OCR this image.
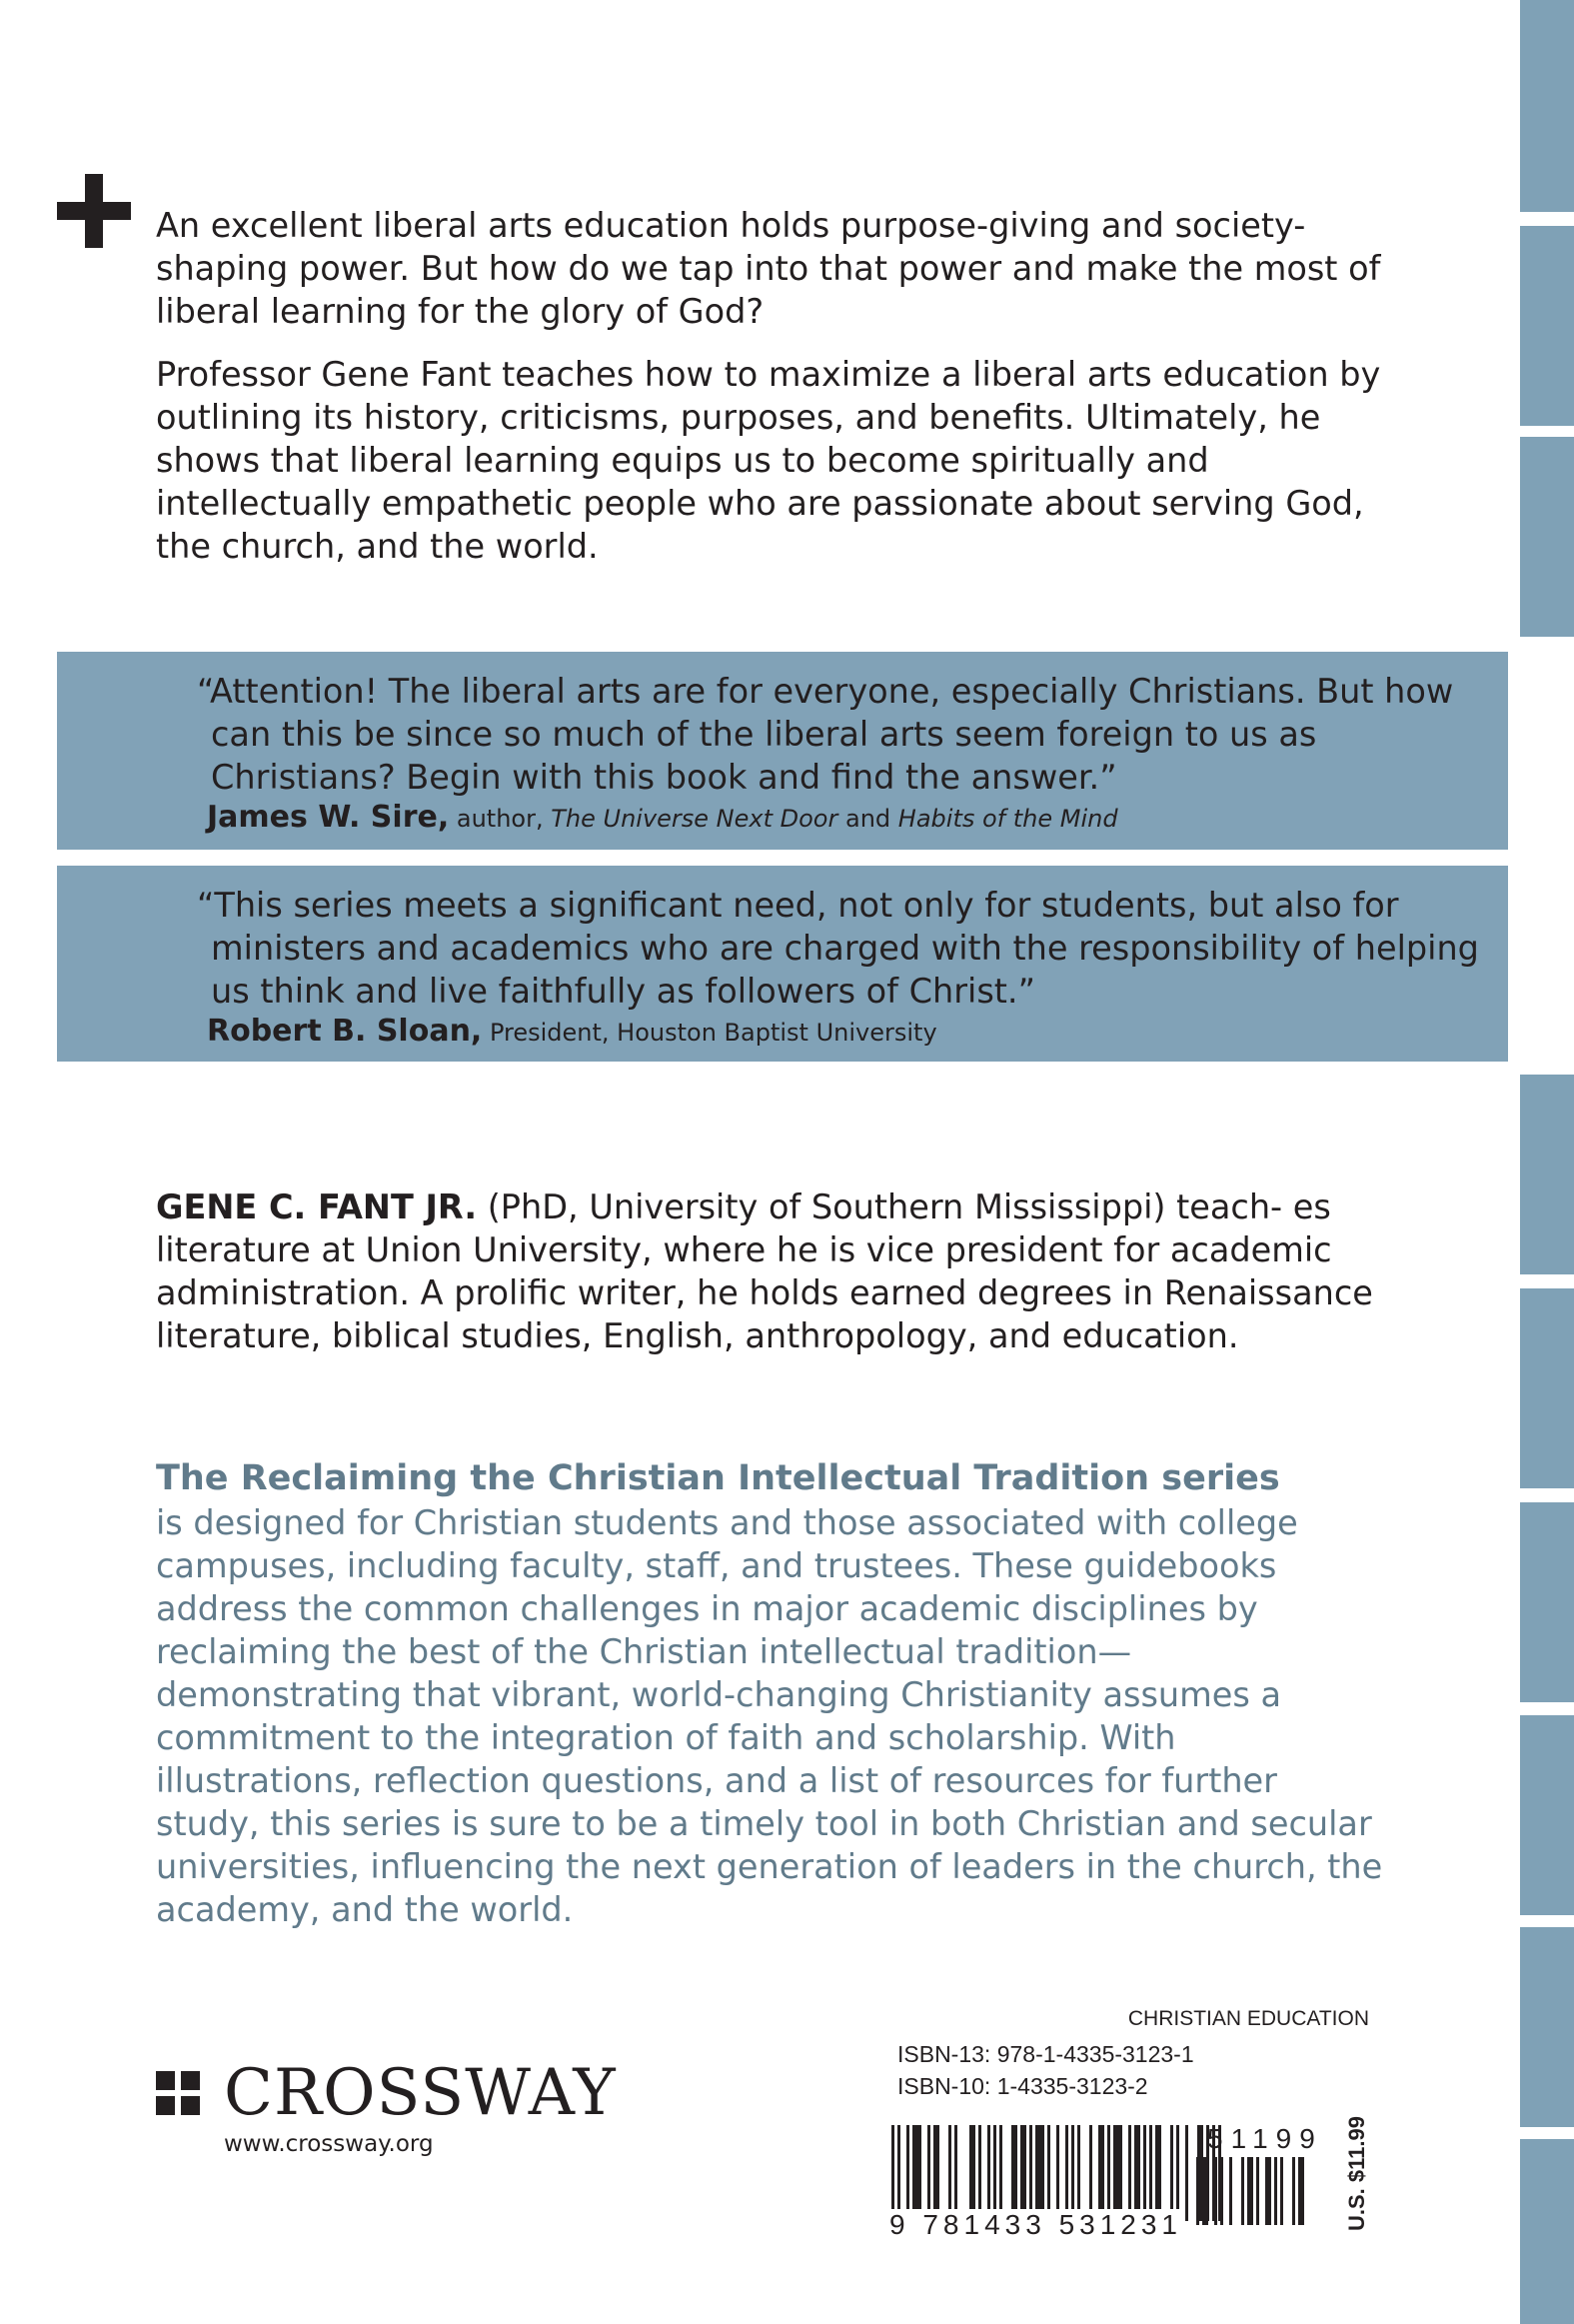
An excellent liberal arts education holds purpose-giving and society-shaping power. But how do we tap into that power and make the most of liberal learning for the glory of God?

Professor Gene Fant teaches how to maximize a liberal arts education by outlining its history, criticisms, purposes, and benefits. Ultimately, he shows that liberal learning equips us to become spiritually and intellectually empathetic people who are passionate about serving God, the church, and the world.

“Attention! The liberal arts are for everyone, especially Christians. But how can this be since so much of the liberal arts seem foreign to us as Christians? Begin with this book and find the answer.”

James W. Sire, author, The Universe Next Door and Habits of the Mind

“This series meets a significant need, not only for students, but also for ministers and academics who are charged with the responsibility of helping us think and live faithfully as followers of Christ.”

Robert B. Sloan, President, Houston Baptist University

GENE C. FANT JR. (PhD, University of Southern Mississippi) teach- es literature at Union University, where he is vice president for academic administration. A prolific writer, he holds earned degrees in Renaissance literature, biblical studies, English, anthropology, and education.

The Reclaiming the Christian Intellectual Tradition series

is designed for Christian students and those associated with college campuses, including faculty, staff, and trustees. These guidebooks address the common challenges in major academic disciplines by reclaiming the best of the Christian intellectual tradition— demonstrating that vibrant, world-changing Christianity assumes a commitment to the integration of faith and scholarship. With illustrations, reflection questions, and a list of resources for further study, this series is sure to be a timely tool in both Christian and secular universities, influencing the next generation of leaders in the church, the academy, and the world.

CROSSWAY
www.crossway.org
CHRISTIAN EDUCATION
ISBN-13: 978-1-4335-3123-1
ISBN-10: 1-4335-3123-2
9 781433 531231
51199 U.S. $11.99
